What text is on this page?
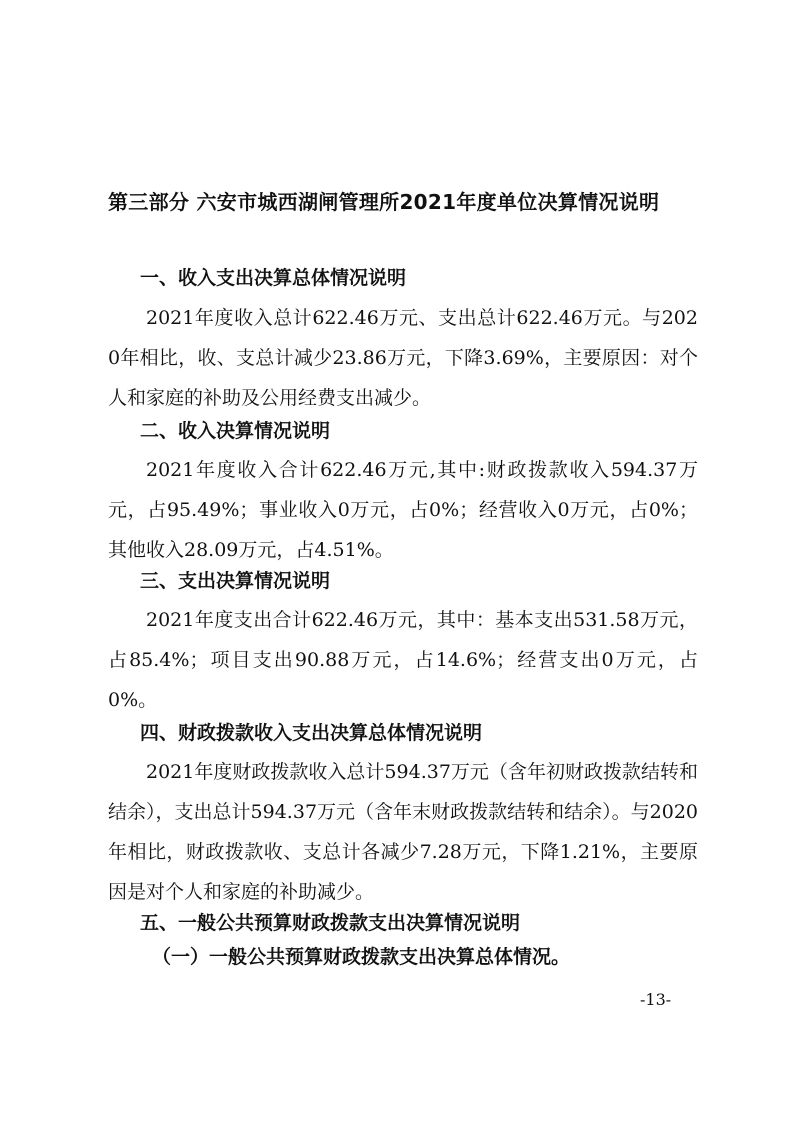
第三部分 六安市城西湖闸管理所2021年度单位决算情况说明
一、收入支出决算总体情况说明
2021年度收入总计622.46万元、支出总计622.46万元。与2020年相比，收、支总计减少23.86万元，下降3.69%，主要原因：对个人和家庭的补助及公用经费支出减少。
二、收入决算情况说明
2021年度收入合计622.46万元,其中:财政拨款收入594.37万元，占95.49%；事业收入0万元，占0%；经营收入0万元，占0%；其他收入28.09万元，占4.51%。
三、支出决算情况说明
2021年度支出合计622.46万元，其中：基本支出531.58万元，占85.4%；项目支出90.88万元，占14.6%；经营支出0万元，占0%。
四、财政拨款收入支出决算总体情况说明
2021年度财政拨款收入总计594.37万元（含年初财政拨款结转和结余），支出总计594.37万元（含年末财政拨款结转和结余）。与2020年相比，财政拨款收、支总计各减少7.28万元，下降1.21%，主要原因是对个人和家庭的补助减少。
五、一般公共预算财政拨款支出决算情况说明
（一）一般公共预算财政拨款支出决算总体情况。
-13-
